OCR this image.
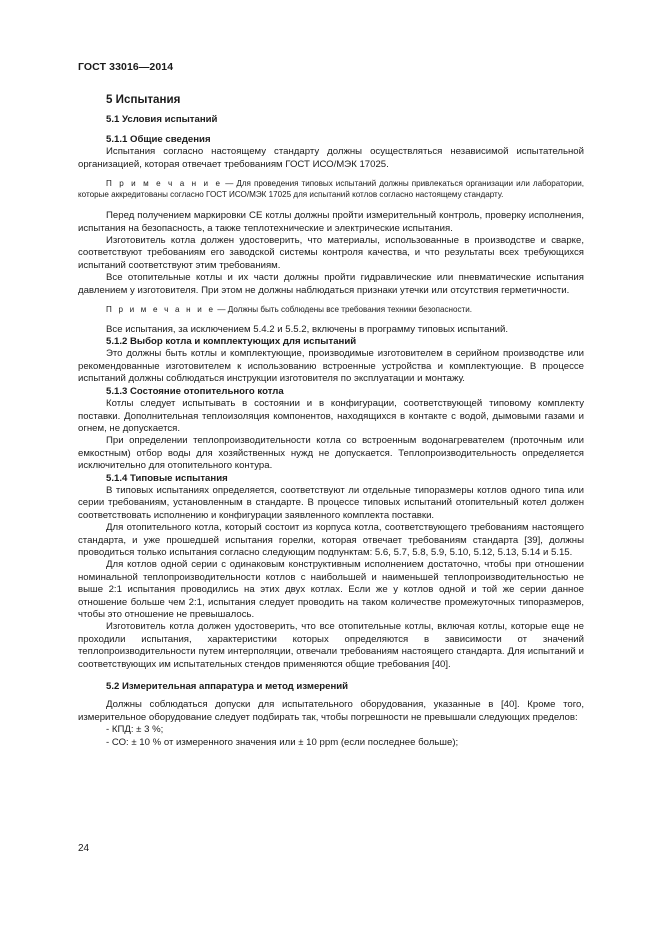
ГОСТ 33016—2014

5 Испытания

5.1 Условия испытаний

5.1.1 Общие сведения

Испытания согласно настоящему стандарту должны осуществляться независимой испытательной организацией, которая отвечает требованиям ГОСТ ИСО/МЭК 17025.

П р и м е ч а н и е — Для проведения типовых испытаний должны привлекаться организации или лаборатории, которые аккредитованы согласно ГОСТ ИСО/МЭК 17025 для испытаний котлов согласно настоящему стандарту.

Перед получением маркировки СЕ котлы должны пройти измерительный контроль, проверку исполнения, испытания на безопасность, а также теплотехнические и электрические испытания.

Изготовитель котла должен удостоверить, что материалы, использованные в производстве и сварке, соответствуют требованиям его заводской системы контроля качества, и что результаты всех требующихся испытаний соответствуют этим требованиям.

Все отопительные котлы и их части должны пройти гидравлические или пневматические испытания давлением у изготовителя. При этом не должны наблюдаться признаки утечки или отсутствия герметичности.

П р и м е ч а н и е — Должны быть соблюдены все требования техники безопасности.

Все испытания, за исключением 5.4.2 и 5.5.2, включены в программу типовых испытаний.

5.1.2 Выбор котла и комплектующих для испытаний

Это должны быть котлы и комплектующие, производимые изготовителем в серийном производстве или рекомендованные изготовителем к использованию встроенные устройства и комплектующие. В процессе испытаний должны соблюдаться инструкции изготовителя по эксплуатации и монтажу.

5.1.3 Состояние отопительного котла

Котлы следует испытывать в состоянии и в конфигурации, соответствующей типовому комплекту поставки. Дополнительная теплоизоляция компонентов, находящихся в контакте с водой, дымовыми газами и огнем, не допускается.

При определении теплопроизводительности котла со встроенным водонагревателем (проточным или емкостным) отбор воды для хозяйственных нужд не допускается. Теплопроизводительность определяется исключительно для отопительного контура.

5.1.4 Типовые испытания

В типовых испытаниях определяется, соответствуют ли отдельные типоразмеры котлов одного типа или серии требованиям, установленным в стандарте. В процессе типовых испытаний отопительный котел должен соответствовать исполнению и конфигурации заявленного комплекта поставки.

Для отопительного котла, который состоит из корпуса котла, соответствующего требованиям настоящего стандарта, и уже прошедшей испытания горелки, которая отвечает требованиям стандарта [39], должны проводиться только испытания согласно следующим подпунктам: 5.6, 5.7, 5.8, 5.9, 5.10, 5.12, 5.13, 5.14 и 5.15.

Для котлов одной серии с одинаковым конструктивным исполнением достаточно, чтобы при отношении номинальной теплопроизводительности котлов с наибольшей и наименьшей теплопроизводительностью не выше 2:1 испытания проводились на этих двух котлах. Если же у котлов одной и той же серии данное отношение больше чем 2:1, испытания следует проводить на таком количестве промежуточных типоразмеров, чтобы это отношение не превышалось.

Изготовитель котла должен удостоверить, что все отопительные котлы, включая котлы, которые еще не проходили испытания, характеристики которых определяются в зависимости от значений теплопроизводительности путем интерполяции, отвечали требованиям настоящего стандарта. Для испытаний и соответствующих им испытательных стендов применяются общие требования [40].

5.2 Измерительная аппаратура и метод измерений

Должны соблюдаться допуски для испытательного оборудования, указанные в [40]. Кроме того, измерительное оборудование следует подбирать так, чтобы погрешности не превышали следующих пределов:

- КПД: ± 3 %;

- СО: ± 10 % от измеренного значения или ± 10 ppm (если последнее больше);

24
